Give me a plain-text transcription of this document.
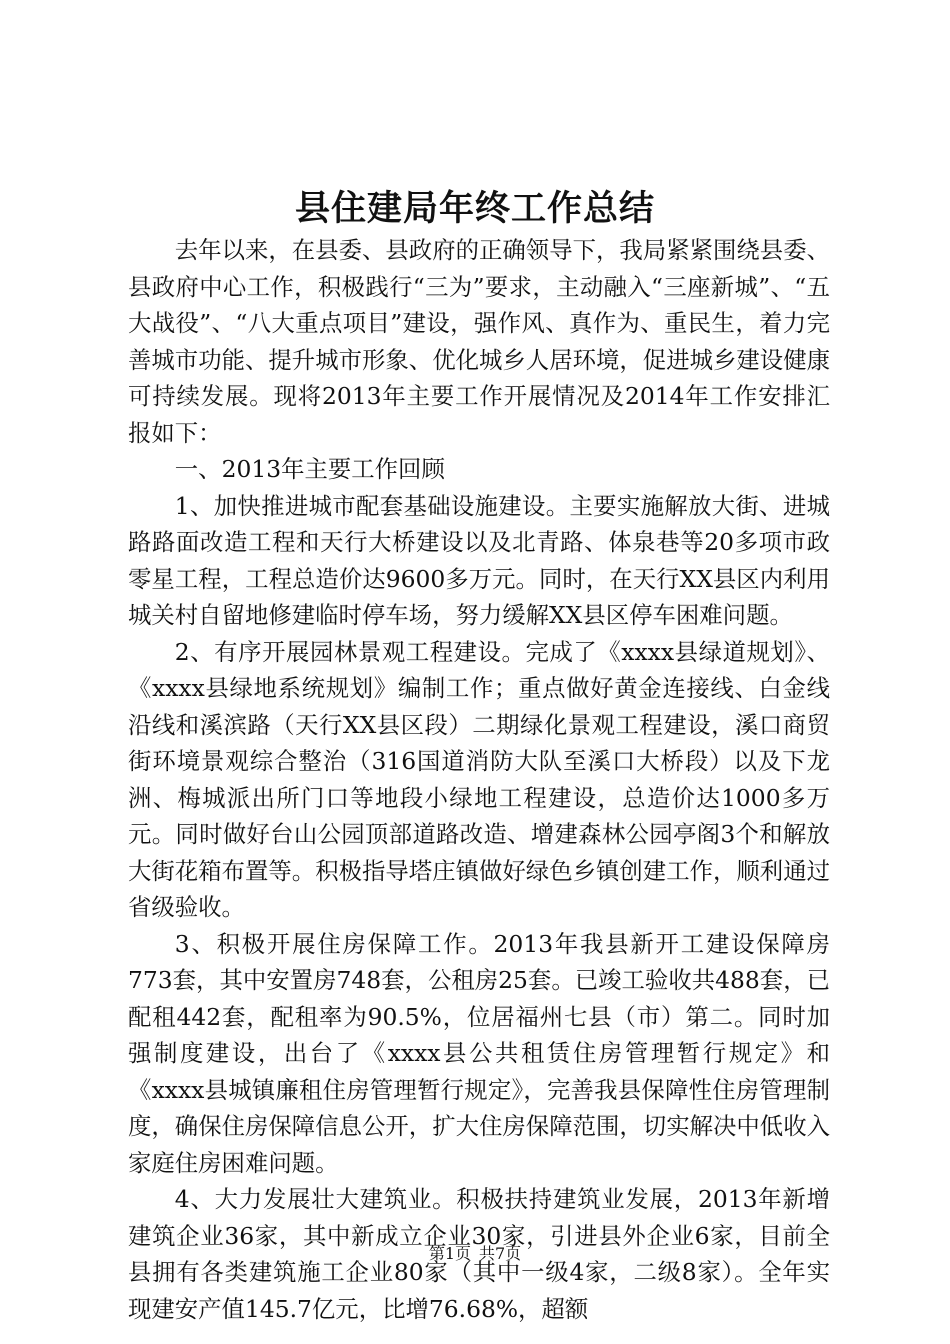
县住建局年终工作总结

去年以来，在县委、县政府的正确领导下，我局紧紧围绕县委、县政府中心工作，积极践行“三为”要求，主动融入“三座新城”、“五大战役”、“八大重点项目”建设，强作风、真作为、重民生，着力完善城市功能、提升城市形象、优化城乡人居环境，促进城乡建设健康可持续发展。现将2013年主要工作开展情况及2014年工作安排汇报如下：

一、2013年主要工作回顾

1、加快推进城市配套基础设施建设。主要实施解放大街、进城路路面改造工程和天行大桥建设以及北青路、体泉巷等20多项市政零星工程，工程总造价达9600多万元。同时，在天行XX县区内利用城关村自留地修建临时停车场，努力缓解XX县区停车困难问题。

2、有序开展园林景观工程建设。完成了《xxxx县绿道规划》、《xxxx县绿地系统规划》编制工作；重点做好黄金连接线、白金线沿线和溪滨路（天行XX县区段）二期绿化景观工程建设，溪口商贸街环境景观综合整治（316国道消防大队至溪口大桥段）以及下龙洲、梅城派出所门口等地段小绿地工程建设，总造价达1000多万元。同时做好台山公园顶部道路改造、增建森林公园亭阁3个和解放大街花箱布置等。积极指导塔庄镇做好绿色乡镇创建工作，顺利通过省级验收。

3、积极开展住房保障工作。2013年我县新开工建设保障房773套，其中安置房748套，公租房25套。已竣工验收共488套，已配租442套，配租率为90.5%，位居福州七县（市）第二。同时加强制度建设，出台了《xxxx县公共租赁住房管理暂行规定》和《xxxx县城镇廉租住房管理暂行规定》，完善我县保障性住房管理制度，确保住房保障信息公开，扩大住房保障范围，切实解决中低收入家庭住房困难问题。

4、大力发展壮大建筑业。积极扶持建筑业发展，2013年新增建筑企业36家，其中新成立企业30家，引进县外企业6家，目前全县拥有各类建筑施工企业80家（其中一级4家，二级8家）。全年实现建安产值145.7亿元，比增76.68%，超额

第1页 共7页
